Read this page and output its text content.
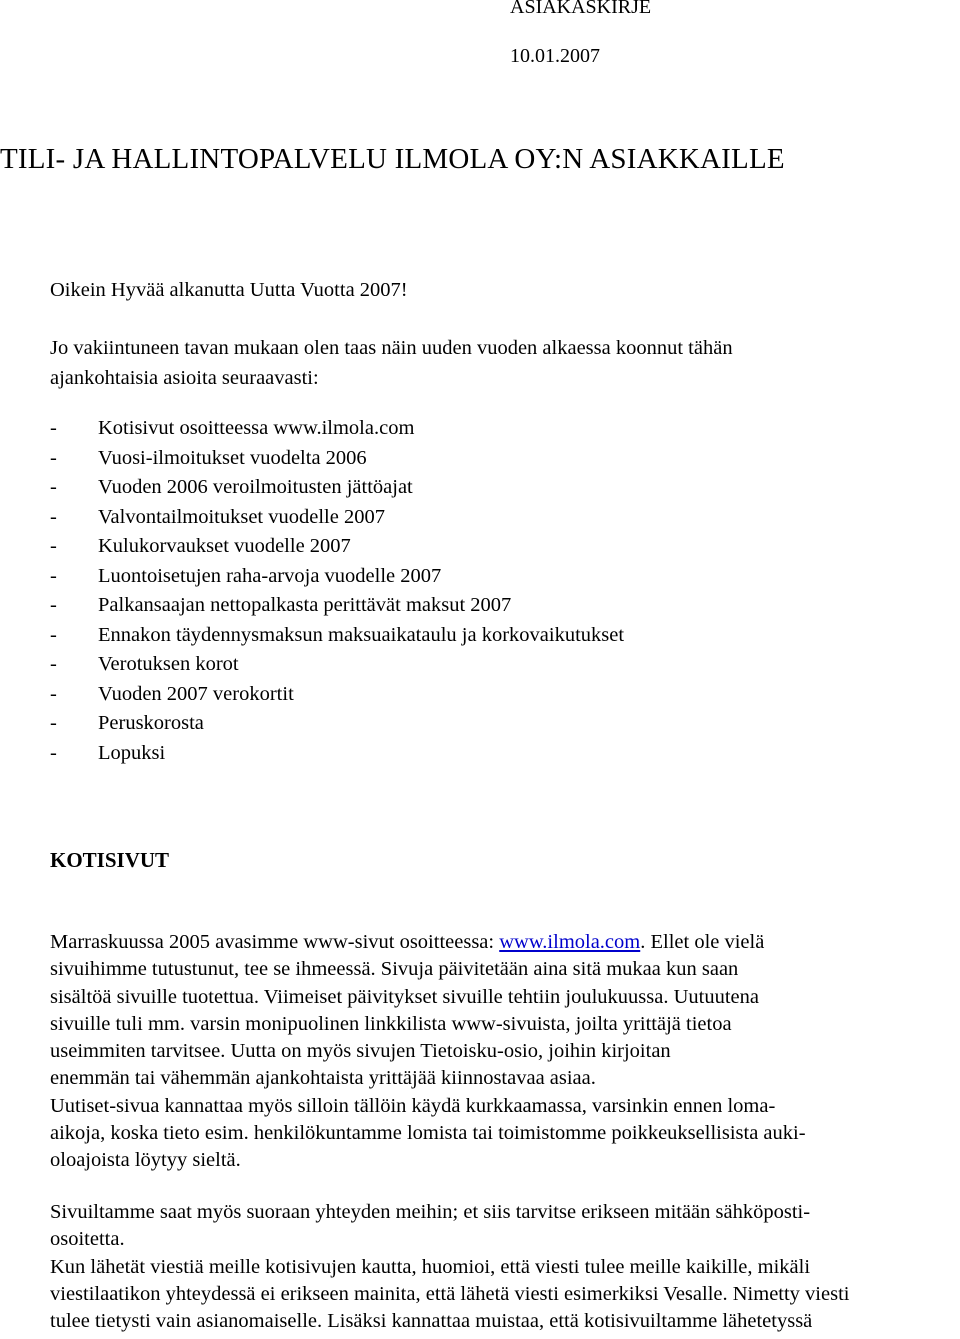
ASIAKASKIRJE
10.01.2007
TILI- JA HALLINTOPALVELU ILMOLA OY:N ASIAKKAILLE
Oikein Hyvää alkanutta Uutta Vuotta 2007!
Jo vakiintuneen tavan mukaan olen taas näin uuden vuoden alkaessa koonnut tähän
ajankohtaisia asioita seuraavasti:
- Kotisivut osoitteessa www.ilmola.com
- Vuosi-ilmoitukset vuodelta 2006
- Vuoden 2006 veroilmoitusten jättöajat
- Valvontailmoitukset vuodelle 2007
- Kulukorvaukset vuodelle 2007
- Luontoisetujen raha-arvoja vuodelle 2007
- Palkansaajan nettopalkasta perittävät maksut 2007
- Ennakon täydennysmaksun maksuaikataulu ja korkovaikutukset
- Verotuksen korot
- Vuoden 2007 verokortit
- Peruskorosta
- Lopuksi
KOTISIVUT
Marraskuussa 2005 avasimme www-sivut osoitteessa: www.ilmola.com. Ellet ole vielä
sivuihimme tutustunut, tee se ihmeessä. Sivuja päivitetään aina sitä mukaa kun saan
sisältöä sivuille tuotettua. Viimeiset päivitykset sivuille tehtiin joulukuussa. Uutuutena
sivuille tuli mm. varsin monipuolinen linkkilista www-sivuista, joilta yrittäjä tietoa
useimmiten tarvitsee. Uutta on myös sivujen Tietoisku-osio, joihin kirjoitan
enemmän tai vähemmän ajankohtaista yrittäjää kiinnostavaa asiaa.
Uutiset-sivua kannattaa myös silloin tällöin käydä kurkkaamassa, varsinkin ennen loma-
aikoja, koska tieto esim. henkilökuntamme lomista tai toimistomme poikkeuksellisista auki-
oloajoista löytyy sieltä.
Sivuiltamme saat myös suoraan yhteyden meihin; et siis tarvitse erikseen mitään sähköposti-
osoitetta.
Kun lähetät viestiä meille kotisivujen kautta, huomioi, että viesti tulee meille kaikille, mikäli
viestilaatikon yhteydessä ei erikseen mainita, että lähetä viesti esimerkiksi Vesalle. Nimetty viesti
tulee tietysti vain asianomaiselle. Lisäksi kannattaa muistaa, että kotisivuiltamme lähetetyssä
